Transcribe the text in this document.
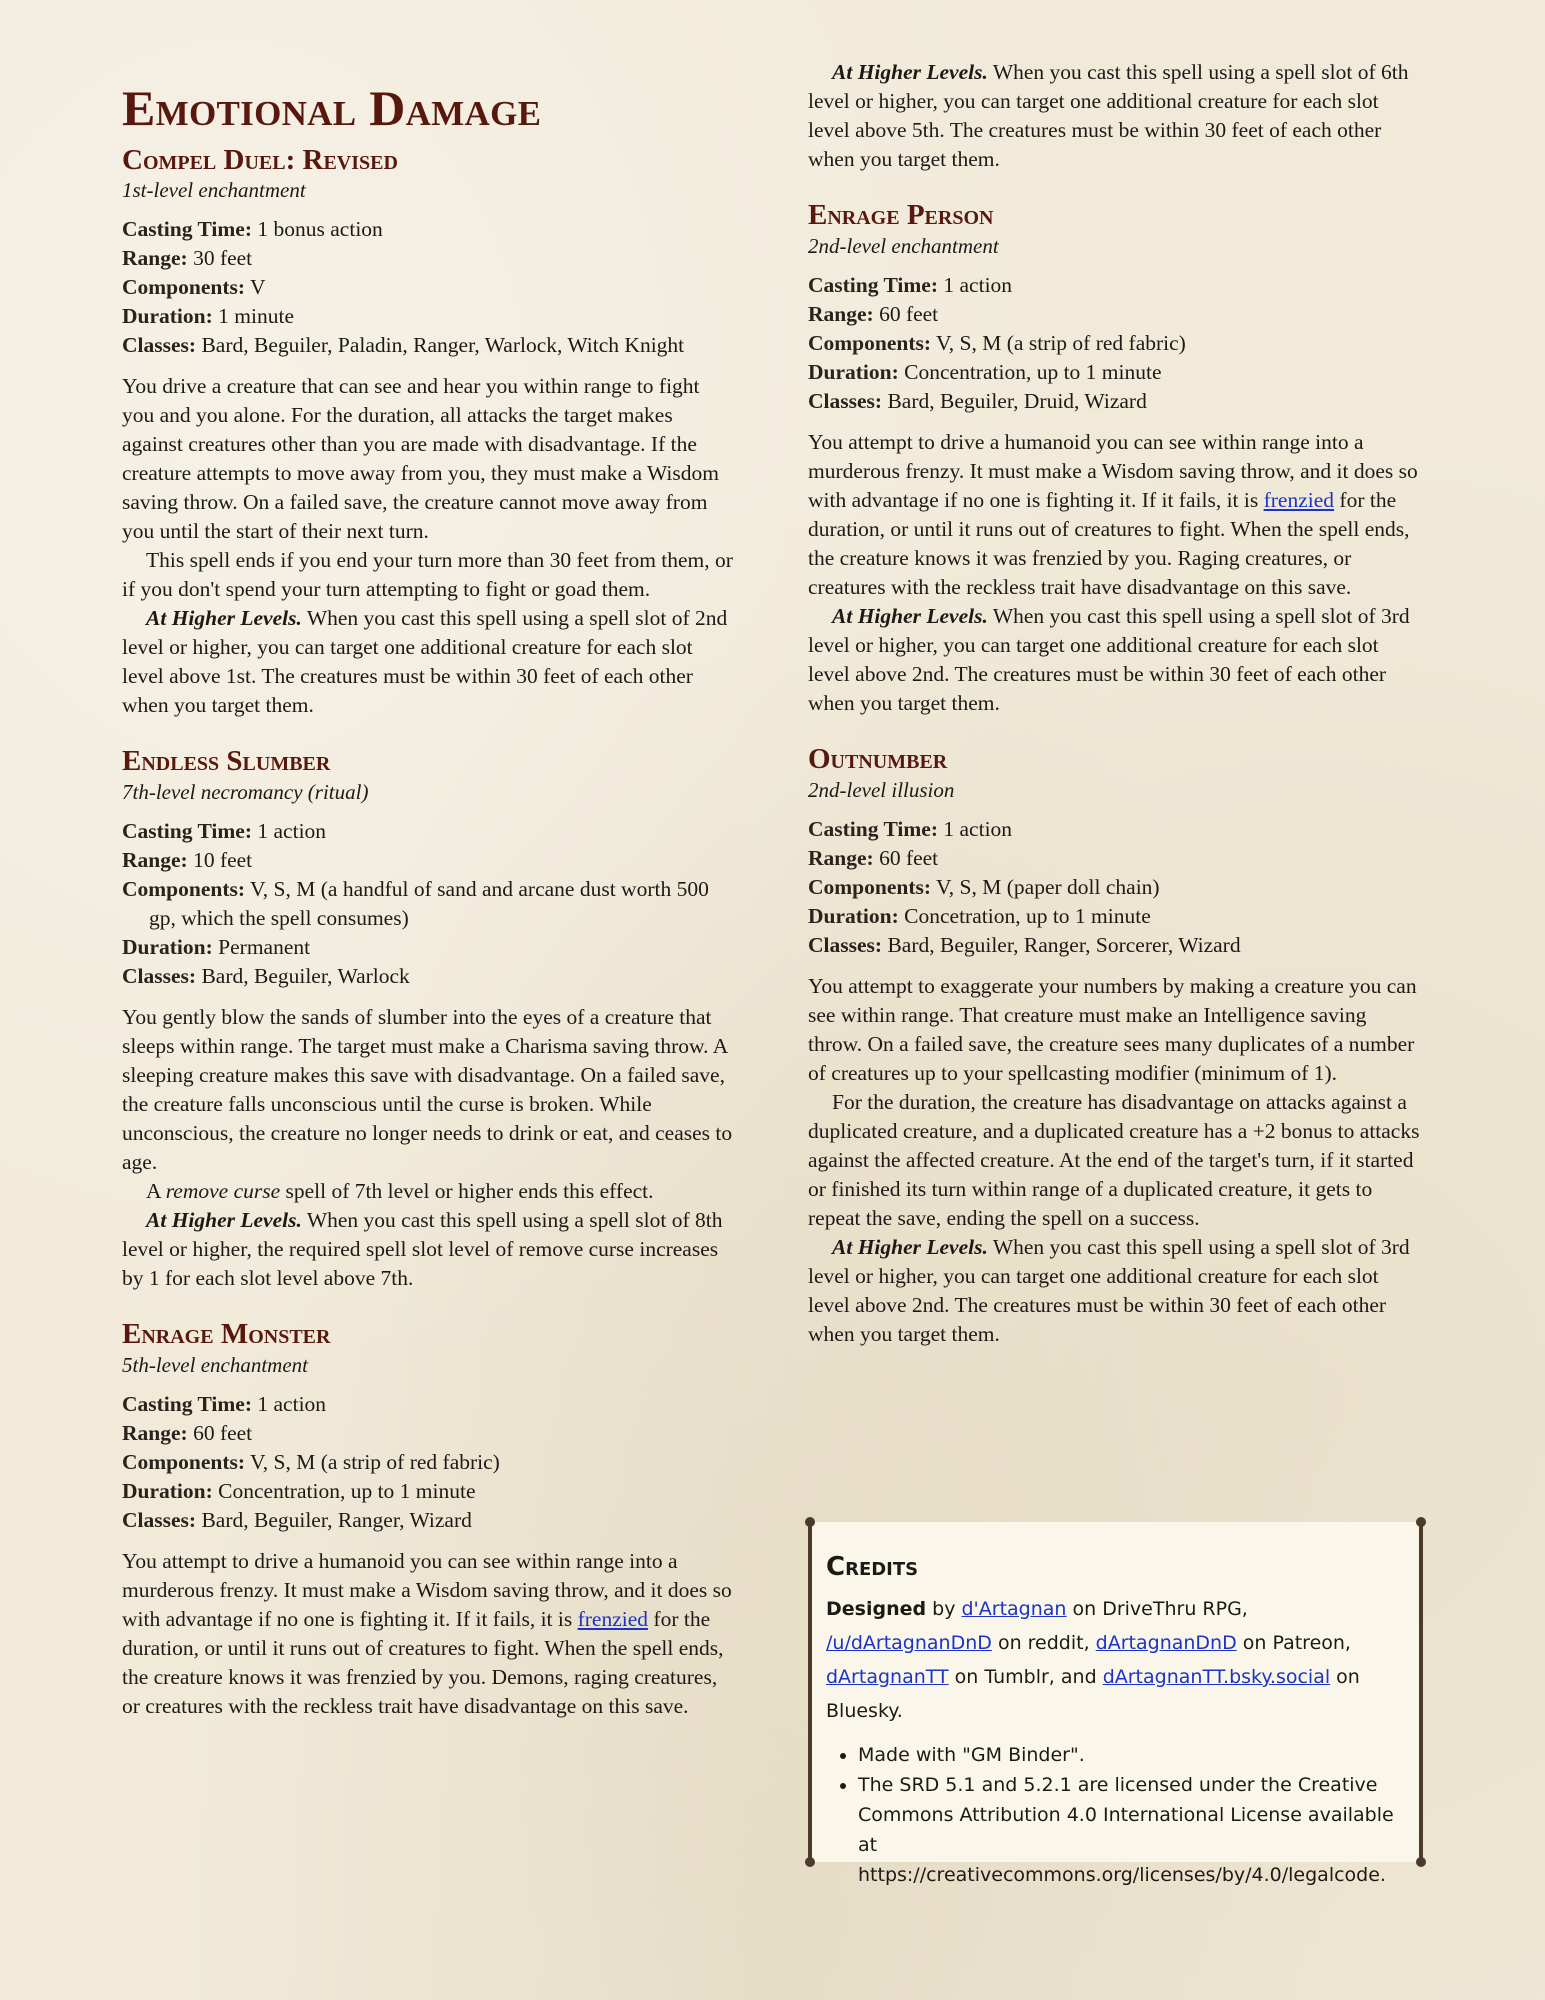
Emotional Damage
Compel Duel: Revised
1st-level enchantment
Casting Time: 1 bonus action
Range: 30 feet
Components: V
Duration: 1 minute
Classes: Bard, Beguiler, Paladin, Ranger, Warlock, Witch Knight

You drive a creature that can see and hear you within range to fight you and you alone. For the duration, all attacks the target makes against creatures other than you are made with disadvantage. If the creature attempts to move away from you, they must make a Wisdom saving throw. On a failed save, the creature cannot move away from you until the start of their next turn.

This spell ends if you end your turn more than 30 feet from them, or if you don't spend your turn attempting to fight or goad them.

At Higher Levels. When you cast this spell using a spell slot of 2nd level or higher, you can target one additional creature for each slot level above 1st. The creatures must be within 30 feet of each other when you target them.

Endless Slumber
7th-level necromancy (ritual)
Casting Time: 1 action
Range: 10 feet
Components: V, S, M (a handful of sand and arcane dust worth 500 gp, which the spell consumes)
Duration: Permanent
Classes: Bard, Beguiler, Warlock

You gently blow the sands of slumber into the eyes of a creature that sleeps within range. The target must make a Charisma saving throw. A sleeping creature makes this save with disadvantage. On a failed save, the creature falls unconscious until the curse is broken. While unconscious, the creature no longer needs to drink or eat, and ceases to age.

A remove curse spell of 7th level or higher ends this effect.

At Higher Levels. When you cast this spell using a spell slot of 8th level or higher, the required spell slot level of remove curse increases by 1 for each slot level above 7th.

Enrage Monster
5th-level enchantment
Casting Time: 1 action
Range: 60 feet
Components: V, S, M (a strip of red fabric)
Duration: Concentration, up to 1 minute
Classes: Bard, Beguiler, Ranger, Wizard

You attempt to drive a humanoid you can see within range into a murderous frenzy. It must make a Wisdom saving throw, and it does so with advantage if no one is fighting it. If it fails, it is frenzied for the duration, or until it runs out of creatures to fight. When the spell ends, the creature knows it was frenzied by you. Demons, raging creatures, or creatures with the reckless trait have disadvantage on this save.

At Higher Levels. When you cast this spell using a spell slot of 6th level or higher, you can target one additional creature for each slot level above 5th. The creatures must be within 30 feet of each other when you target them.

Enrage Person
2nd-level enchantment
Casting Time: 1 action
Range: 60 feet
Components: V, S, M (a strip of red fabric)
Duration: Concentration, up to 1 minute
Classes: Bard, Beguiler, Druid, Wizard

You attempt to drive a humanoid you can see within range into a murderous frenzy. It must make a Wisdom saving throw, and it does so with advantage if no one is fighting it. If it fails, it is frenzied for the duration, or until it runs out of creatures to fight. When the spell ends, the creature knows it was frenzied by you. Raging creatures, or creatures with the reckless trait have disadvantage on this save.

At Higher Levels. When you cast this spell using a spell slot of 3rd level or higher, you can target one additional creature for each slot level above 2nd. The creatures must be within 30 feet of each other when you target them.

Outnumber
2nd-level illusion
Casting Time: 1 action
Range: 60 feet
Components: V, S, M (paper doll chain)
Duration: Concetration, up to 1 minute
Classes: Bard, Beguiler, Ranger, Sorcerer, Wizard

You attempt to exaggerate your numbers by making a creature you can see within range. That creature must make an Intelligence saving throw. On a failed save, the creature sees many duplicates of a number of creatures up to your spellcasting modifier (minimum of 1).

For the duration, the creature has disadvantage on attacks against a duplicated creature, and a duplicated creature has a +2 bonus to attacks against the affected creature. At the end of the target's turn, if it started or finished its turn within range of a duplicated creature, it gets to repeat the save, ending the spell on a success.

At Higher Levels. When you cast this spell using a spell slot of 3rd level or higher, you can target one additional creature for each slot level above 2nd. The creatures must be within 30 feet of each other when you target them.

Credits

Designed by d'Artagnan on DriveThru RPG, /u/dArtagnanDnD on reddit, dArtagnanDnD on Patreon, dArtagnanTT on Tumblr, and dArtagnanTT.bsky.social on Bluesky.

• Made with "GM Binder".
• The SRD 5.1 and 5.2.1 are licensed under the Creative Commons Attribution 4.0 International License available at https://creativecommons.org/licenses/by/4.0/legalcode.
